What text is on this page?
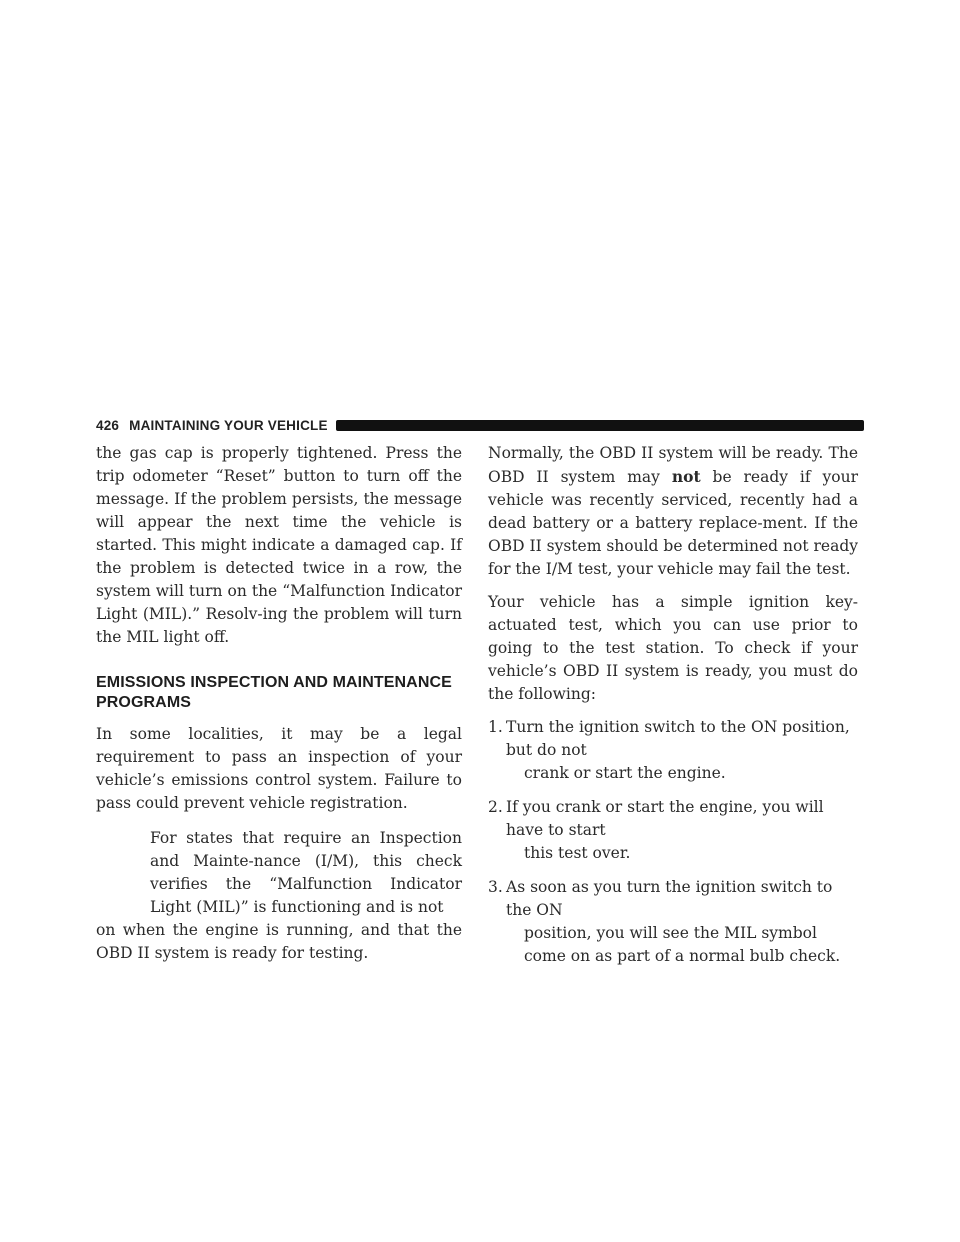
426 MAINTAINING YOUR VEHICLE

the gas cap is properly tightened. Press the trip odometer “Reset” button to turn off the message. If the problem persists, the message will appear the next time the vehicle is started. This might indicate a damaged cap. If the problem is detected twice in a row, the system will turn on the “Malfunction Indicator Light (MIL).” Resolv-ing the problem will turn the MIL light off.

EMISSIONS INSPECTION AND MAINTENANCE PROGRAMS

In some localities, it may be a legal requirement to pass an inspection of your vehicle’s emissions control system. Failure to pass could prevent vehicle registration.

For states that require an Inspection and Mainte-nance (I/M), this check verifies the “Malfunction Indicator Light (MIL)” is functioning and is not

on when the engine is running, and that the OBD II system is ready for testing.

Normally, the OBD II system will be ready. The OBD II system may not be ready if your vehicle was recently serviced, recently had a dead battery or a battery replace-ment. If the OBD II system should be determined not ready for the I/M test, your vehicle may fail the test.

Your vehicle has a simple ignition key-actuated test, which you can use prior to going to the test station. To check if your vehicle’s OBD II system is ready, you must do the following:

1. Turn the ignition switch to the ON position, but do not
crank or start the engine.
2. If you crank or start the engine, you will have to start
this test over.
3. As soon as you turn the ignition switch to the ON
position, you will see the MIL symbol come on as part of a normal bulb check.
